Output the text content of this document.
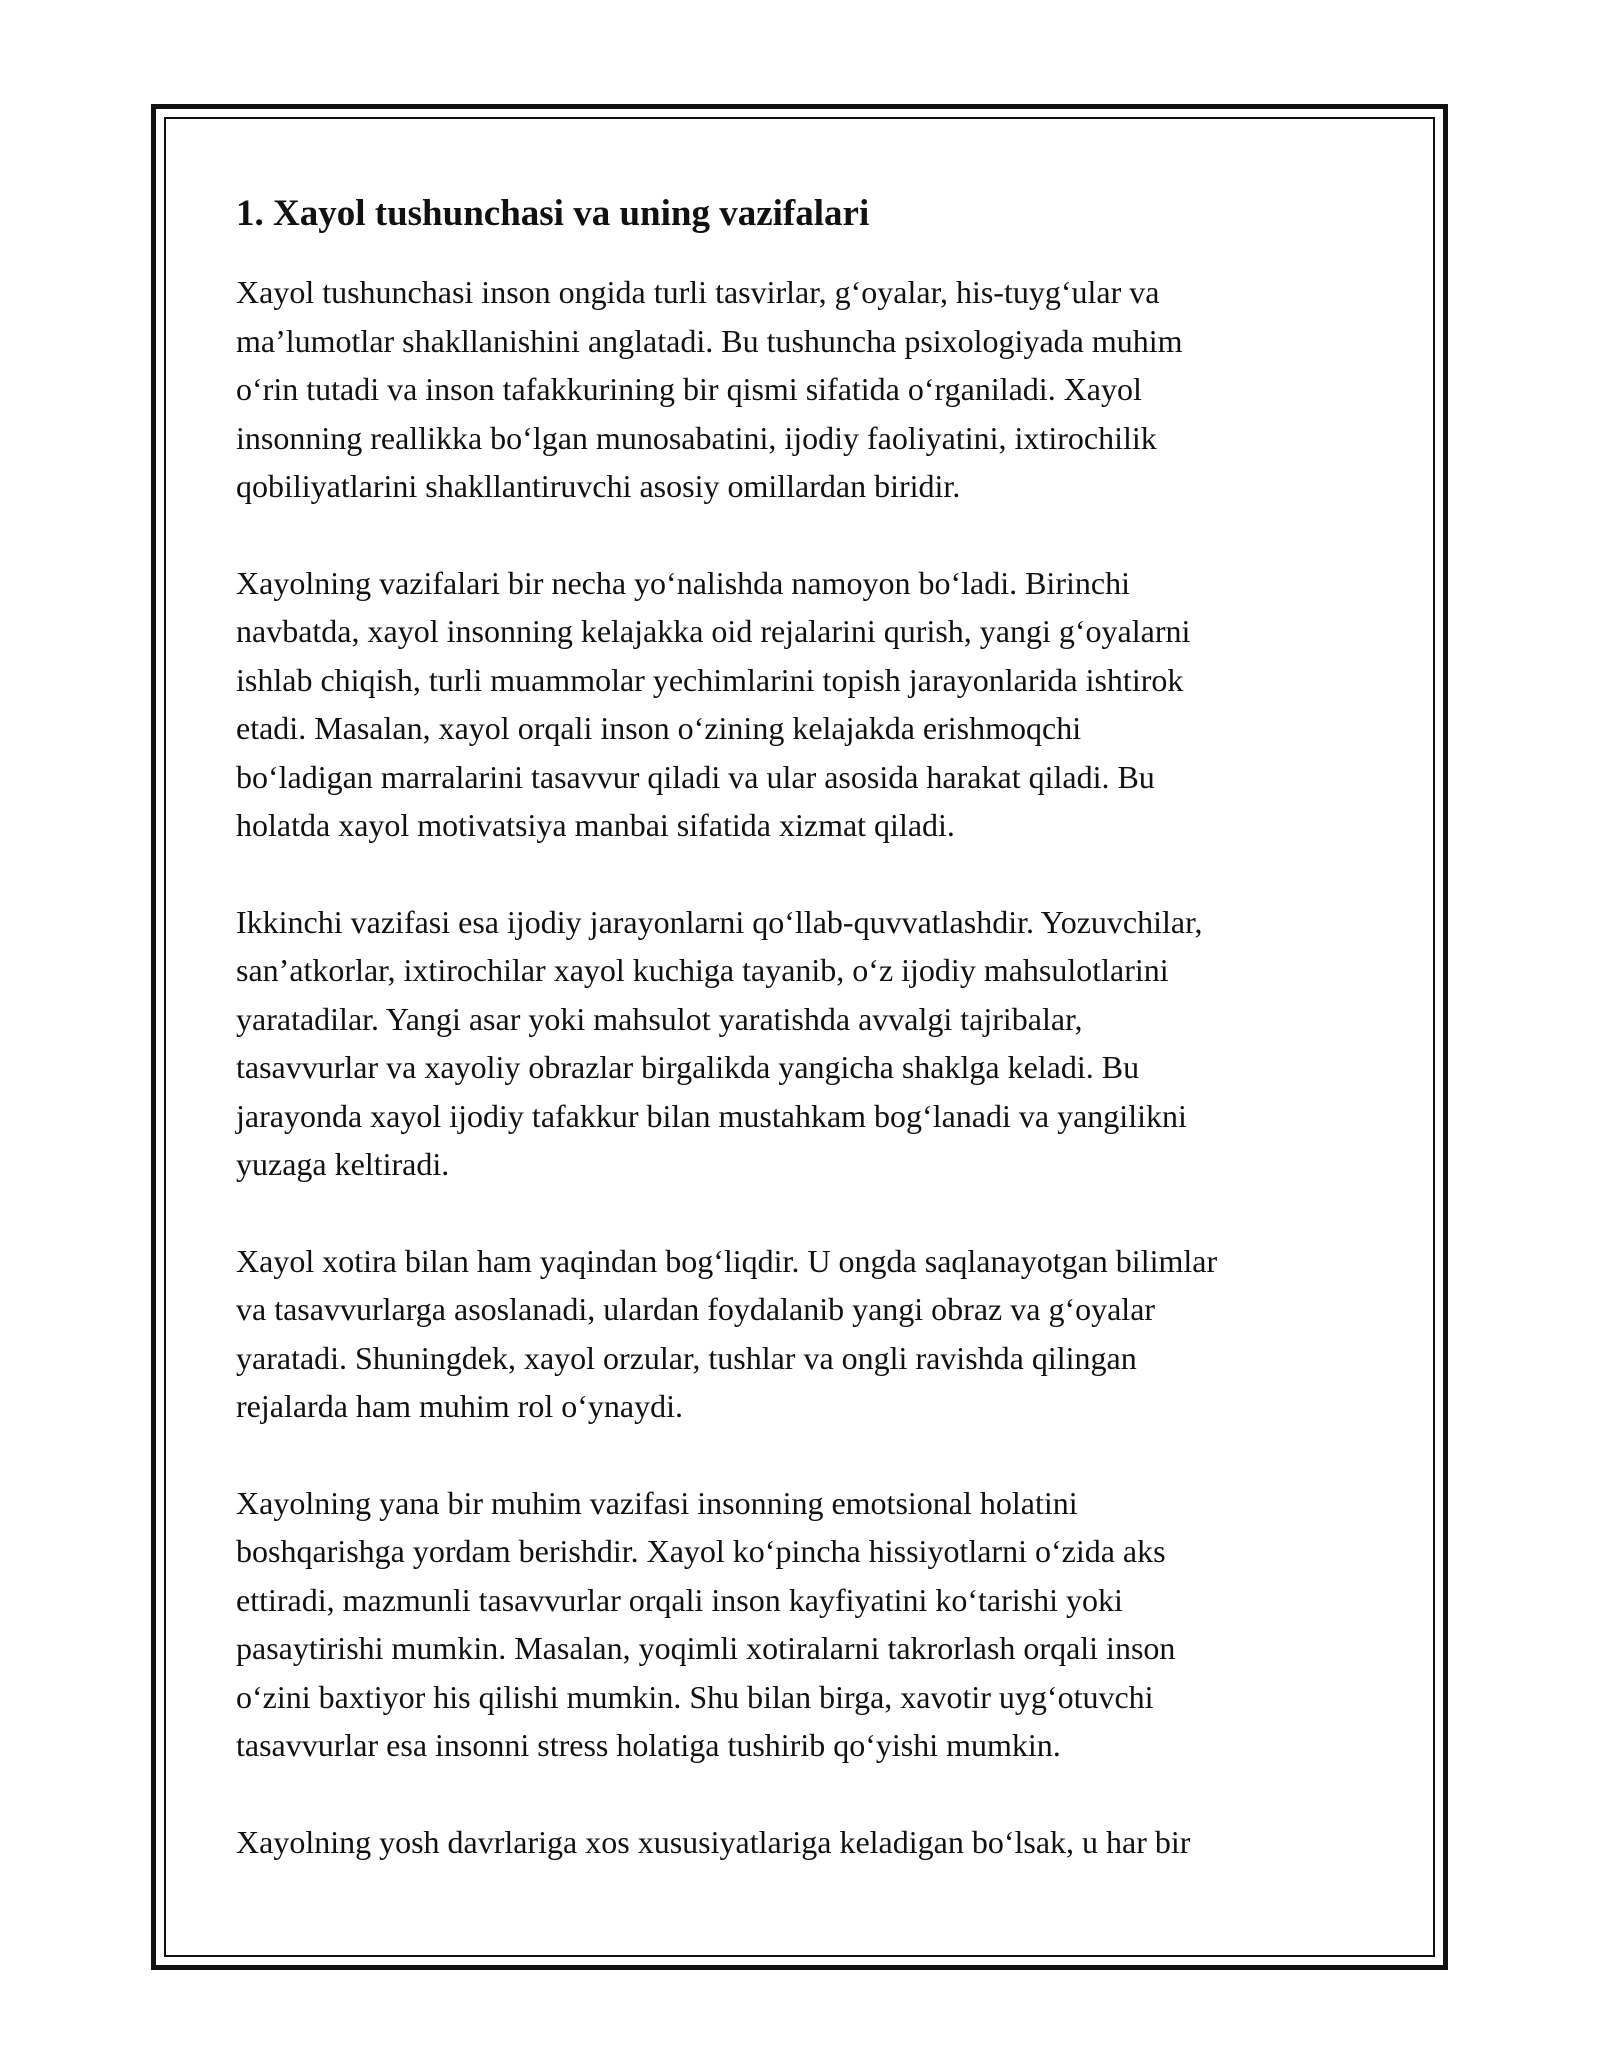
1. Xayol tushunchasi va uning vazifalari

Xayol tushunchasi inson ongida turli tasvirlar, g‘oyalar, his-tuyg‘ular va
ma’lumotlar shakllanishini anglatadi. Bu tushuncha psixologiyada muhim
o‘rin tutadi va inson tafakkurining bir qismi sifatida o‘rganiladi. Xayol
insonning reallikka bo‘lgan munosabatini, ijodiy faoliyatini, ixtirochilik
qobiliyatlarini shakllantiruvchi asosiy omillardan biridir.

Xayolning vazifalari bir necha yo‘nalishda namoyon bo‘ladi. Birinchi
navbatda, xayol insonning kelajakka oid rejalarini qurish, yangi g‘oyalarni
ishlab chiqish, turli muammolar yechimlarini topish jarayonlarida ishtirok
etadi. Masalan, xayol orqali inson o‘zining kelajakda erishmoqchi
bo‘ladigan marralarini tasavvur qiladi va ular asosida harakat qiladi. Bu
holatda xayol motivatsiya manbai sifatida xizmat qiladi.

Ikkinchi vazifasi esa ijodiy jarayonlarni qo‘llab-quvvatlashdir. Yozuvchilar,
san’atkorlar, ixtirochilar xayol kuchiga tayanib, o‘z ijodiy mahsulotlarini
yaratadilar. Yangi asar yoki mahsulot yaratishda avvalgi tajribalar,
tasavvurlar va xayoliy obrazlar birgalikda yangicha shaklga keladi. Bu
jarayonda xayol ijodiy tafakkur bilan mustahkam bog‘lanadi va yangilikni
yuzaga keltiradi.

Xayol xotira bilan ham yaqindan bog‘liqdir. U ongda saqlanayotgan bilimlar
va tasavvurlarga asoslanadi, ulardan foydalanib yangi obraz va g‘oyalar
yaratadi. Shuningdek, xayol orzular, tushlar va ongli ravishda qilingan
rejalarda ham muhim rol o‘ynaydi.

Xayolning yana bir muhim vazifasi insonning emotsional holatini
boshqarishga yordam berishdir. Xayol ko‘pincha hissiyotlarni o‘zida aks
ettiradi, mazmunli tasavvurlar orqali inson kayfiyatini ko‘tarishi yoki
pasaytirishi mumkin. Masalan, yoqimli xotiralarni takrorlash orqali inson
o‘zini baxtiyor his qilishi mumkin. Shu bilan birga, xavotir uyg‘otuvchi
tasavvurlar esa insonni stress holatiga tushirib qo‘yishi mumkin.

Xayolning yosh davrlariga xos xususiyatlariga keladigan bo‘lsak, u har bir
